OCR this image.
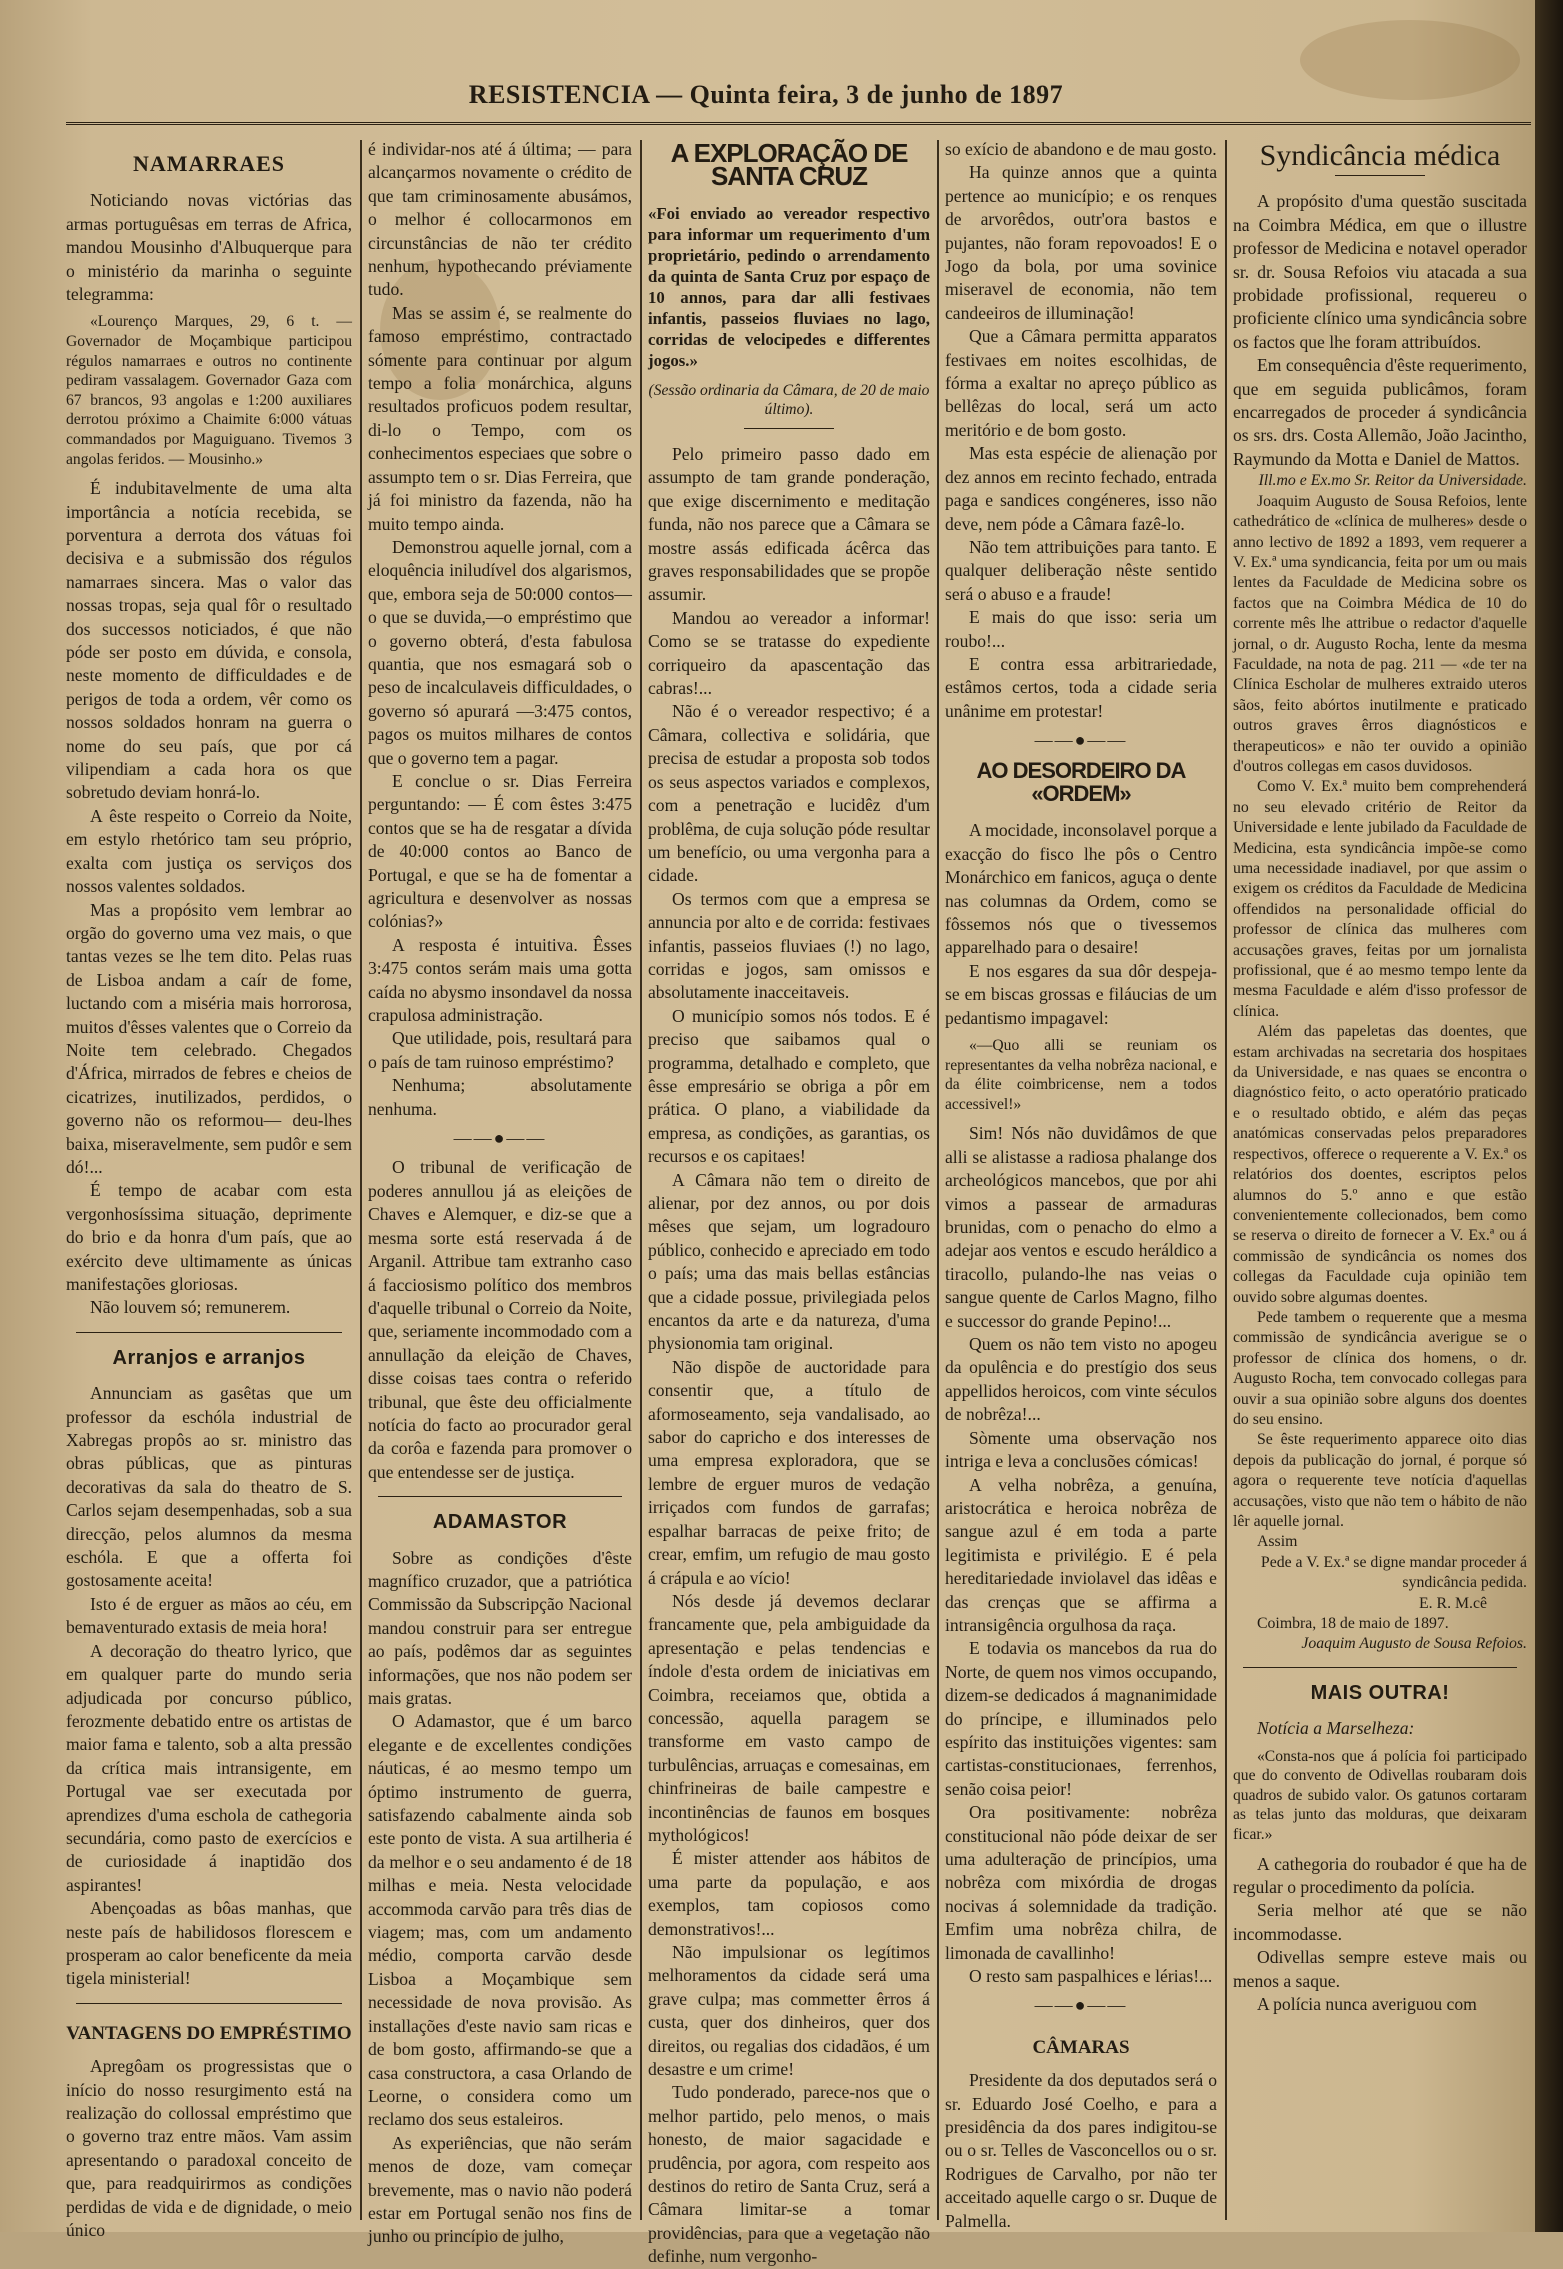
RESISTENCIA — Quinta feira, 3 de junho de 1897
NAMARRAES

Noticiando novas victórias das armas portuguêsas em terras de Africa, mandou Mousinho d'Albuquerque para o ministério da marinha o seguinte telegramma:

«Lourenço Marques, 29, 6 t. — Governador de Moçambique participou régulos namarraes e outros no continente pediram vassalagem. Governador Gaza com 67 brancos, 93 angolas e 1:200 auxiliares derrotou próximo a Chaimite 6:000 vátuas commandados por Maguiguano. Tivemos 3 angolas feridos. — Mousinho.»

É indubitavelmente de uma alta importância a notícia recebida, se porventura a derrota dos vátuas foi decisiva e a submissão dos régulos namarraes sincera. Mas o valor das nossas tropas, seja qual fôr o resultado dos successos noticiados, é que não póde ser posto em dúvida, e consola, neste momento de difficuldades e de perigos de toda a ordem, vêr como os nossos soldados honram na guerra o nome do seu país, que por cá vilipendiam a cada hora os que sobretudo deviam honrá-lo.

A êste respeito o Correio da Noite, em estylo rhetórico tam seu próprio, exalta com justiça os serviços dos nossos valentes soldados.

Mas a propósito vem lembrar ao orgão do governo uma vez mais, o que tantas vezes se lhe tem dito. Pelas ruas de Lisboa andam a caír de fome, luctando com a miséria mais horrorosa, muitos d'êsses valentes que o Correio da Noite tem celebrado. Chegados d'África, mirrados de febres e cheios de cicatrizes, inutilizados, perdidos, o governo não os reformou— deu-lhes baixa, miseravelmente, sem pudôr e sem dó!...

É tempo de acabar com esta vergonhosíssima situação, deprimente do brio e da honra d'um país, que ao exército deve ultimamente as únicas manifestações gloriosas.

Não louvem só; remunerem.

Arranjos e arranjos

Annunciam as gasêtas que um professor da eschóla industrial de Xabregas propôs ao sr. ministro das obras públicas, que as pinturas decorativas da sala do theatro de S. Carlos sejam desempenhadas, sob a sua direcção, pelos alumnos da mesma eschóla. E que a offerta foi gostosamente aceita!

Isto é de erguer as mãos ao céu, em bemaventurado extasis de meia hora!

A decoração do theatro lyrico, que em qualquer parte do mundo seria adjudicada por concurso público, ferozmente debatido entre os artistas de maior fama e talento, sob a alta pressão da crítica mais intransigente, em Portugal vae ser executada por aprendizes d'uma eschola de cathegoria secundária, como pasto de exercícios e de curiosidade á inaptidão dos aspirantes!

Abençoadas as bôas manhas, que neste país de habilidosos florescem e prosperam ao calor beneficente da meia tigela ministerial!

VANTAGENS DO EMPRÉSTIMO

Apregôam os progressistas que o início do nosso resurgimento está na realização do collossal empréstimo que o governo traz entre mãos. Vam assim apresentando o paradoxal conceito de que, para readquirirmos as condições perdidas de vida e de dignidade, o meio único

é individar-nos até á última; — para alcançarmos novamente o crédito de que tam criminosamente abusámos, o melhor é collocarmonos em circunstâncias de não ter crédito nenhum, hypothecando préviamente tudo.

Mas se assim é, se realmente do famoso empréstimo, contractado sómente para continuar por algum tempo a folia monárchica, alguns resultados proficuos podem resultar, di-lo o Tempo, com os conhecimentos especiaes que sobre o assumpto tem o sr. Dias Ferreira, que já foi ministro da fazenda, não ha muito tempo ainda.

Demonstrou aquelle jornal, com a eloquência iniludível dos algarismos, que, embora seja de 50:000 contos—o que se duvida,—o empréstimo que o governo obterá, d'esta fabulosa quantia, que nos esmagará sob o peso de incalculaveis difficuldades, o governo só apurará —3:475 contos, pagos os muitos milhares de contos que o governo tem a pagar.

E conclue o sr. Dias Ferreira perguntando: — É com êstes 3:475 contos que se ha de resgatar a dívida de 40:000 contos ao Banco de Portugal, e que se ha de fomentar a agricultura e desenvolver as nossas colónias?»

A resposta é intuitiva. Êsses 3:475 contos serám mais uma gotta caída no abysmo insondavel da nossa crapulosa administração.

Que utilidade, pois, resultará para o país de tam ruinoso empréstimo?

Nenhuma; absolutamente nenhuma.

——●——

O tribunal de verificação de poderes annullou já as eleições de Chaves e Alemquer, e diz-se que a mesma sorte está reservada á de Arganil. Attribue tam extranho caso á facciosismo político dos membros d'aquelle tribunal o Correio da Noite, que, seriamente incommodado com a annullação da eleição de Chaves, disse coisas taes contra o referido tribunal, que êste deu officialmente notícia do facto ao procurador geral da corôa e fazenda para promover o que entendesse ser de justiça.

ADAMASTOR

Sobre as condições d'êste magnífico cruzador, que a patriótica Commissão da Subscripção Nacional mandou construir para ser entregue ao país, podêmos dar as seguintes informações, que nos não podem ser mais gratas.

O Adamastor, que é um barco elegante e de excellentes condições náuticas, é ao mesmo tempo um óptimo instrumento de guerra, satisfazendo cabalmente ainda sob este ponto de vista. A sua artilheria é da melhor e o seu andamento é de 18 milhas e meia. Nesta velocidade accommoda carvão para três dias de viagem; mas, com um andamento médio, comporta carvão desde Lisboa a Moçambique sem necessidade de nova provisão. As installações d'este navio sam ricas e de bom gosto, affirmando-se que a casa constructora, a casa Orlando de Leorne, o considera como um reclamo dos seus estaleiros.

As experiências, que não serám menos de doze, vam começar brevemente, mas o navio não poderá estar em Portugal senão nos fins de junho ou princípio de julho,

A EXPLORAÇÃO DE SANTA CRUZ

«Foi enviado ao vereador respectivo para informar um requerimento d'um proprietário, pedindo o arrendamento da quinta de Santa Cruz por espaço de 10 annos, para dar alli festivaes infantis, passeios fluviaes no lago, corridas de velocipedes e differentes jogos.»

(Sessão ordinaria da Câmara, de 20 de maio último).

Pelo primeiro passo dado em assumpto de tam grande ponderação, que exige discernimento e meditação funda, não nos parece que a Câmara se mostre assás edificada ácêrca das graves responsabilidades que se propõe assumir.

Mandou ao vereador a informar! Como se se tratasse do expediente corriqueiro da apascentação das cabras!...

Não é o vereador respectivo; é a Câmara, collectiva e solidária, que precisa de estudar a proposta sob todos os seus aspectos variados e complexos, com a penetração e lucidêz d'um problêma, de cuja solução póde resultar um benefício, ou uma vergonha para a cidade.

Os termos com que a empresa se annuncia por alto e de corrida: festivaes infantis, passeios fluviaes (!) no lago, corridas e jogos, sam omissos e absolutamente inacceitaveis.

O município somos nós todos. E é preciso que saibamos qual o programma, detalhado e completo, que êsse empresário se obriga a pôr em prática. O plano, a viabilidade da empresa, as condições, as garantias, os recursos e os capitaes!

A Câmara não tem o direito de alienar, por dez annos, ou por dois mêses que sejam, um logradouro público, conhecido e apreciado em todo o país; uma das mais bellas estâncias que a cidade possue, privilegiada pelos encantos da arte e da natureza, d'uma physionomia tam original.

Não dispõe de auctoridade para consentir que, a título de aformoseamento, seja vandalisado, ao sabor do capricho e dos interesses de uma empresa exploradora, que se lembre de erguer muros de vedação irriçados com fundos de garrafas; espalhar barracas de peixe frito; de crear, emfim, um refugio de mau gosto á crápula e ao vício!

Nós desde já devemos declarar francamente que, pela ambiguidade da apresentação e pelas tendencias e índole d'esta ordem de iniciativas em Coimbra, receiamos que, obtida a concessão, aquella paragem se transforme em vasto campo de turbulências, arruaças e comesainas, em chinfrineiras de baile campestre e incontinências de faunos em bosques mythológicos!

É mister attender aos hábitos de uma parte da população, e aos exemplos, tam copiosos como demonstrativos!...

Não impulsionar os legítimos melhoramentos da cidade será uma grave culpa; mas commetter êrros á custa, quer dos dinheiros, quer dos direitos, ou regalias dos cidadãos, é um desastre e um crime!

Tudo ponderado, parece-nos que o melhor partido, pelo menos, o mais honesto, de maior sagacidade e prudência, por agora, com respeito aos destinos do retiro de Santa Cruz, será a Câmara limitar-se a tomar providências, para que a vegetação não definhe, num vergonho-

so exício de abandono e de mau gosto.

Ha quinze annos que a quinta pertence ao município; e os renques de arvorêdos, outr'ora bastos e pujantes, não foram repovoados! E o Jogo da bola, por uma sovinice miseravel de economia, não tem candeeiros de illuminação!

Que a Câmara permitta apparatos festivaes em noites escolhidas, de fórma a exaltar no apreço público as bellêzas do local, será um acto meritório e de bom gosto.

Mas esta espécie de alienação por dez annos em recinto fechado, entrada paga e sandices congéneres, isso não deve, nem póde a Câmara fazê-lo.

Não tem attribuições para tanto. E qualquer deliberação nêste sentido será o abuso e a fraude!

E mais do que isso: seria um roubo!...

E contra essa arbitrariedade, estâmos certos, toda a cidade seria unânime em protestar!

——●——
AO DESORDEIRO DA «ORDEM»

A mocidade, inconsolavel porque a exacção do fisco lhe pôs o Centro Monárchico em fanicos, aguça o dente nas columnas da Ordem, como se fôssemos nós que o tivessemos apparelhado para o desaire!

E nos esgares da sua dôr despeja-se em biscas grossas e filáucias de um pedantismo impagavel:

«—Quo alli se reuniam os representantes da velha nobrêza nacional, e da élite coimbricense, nem a todos accessivel!»

Sim! Nós não duvidâmos de que alli se alistasse a radiosa phalange dos archeológicos mancebos, que por ahi vimos a passear de armaduras brunidas, com o penacho do elmo a adejar aos ventos e escudo heráldico a tiracollo, pulando-lhe nas veias o sangue quente de Carlos Magno, filho e successor do grande Pepino!...

Quem os não tem visto no apogeu da opulência e do prestígio dos seus appellidos heroicos, com vinte séculos de nobrêza!...

Sòmente uma observação nos intriga e leva a conclusões cómicas!

A velha nobrêza, a genuína, aristocrática e heroica nobrêza de sangue azul é em toda a parte legitimista e privilégio. E é pela hereditariedade inviolavel das idêas e das crenças que se affirma a intransigência orgulhosa da raça.

E todavia os mancebos da rua do Norte, de quem nos vimos occupando, dizem-se dedicados á magnanimidade do príncipe, e illuminados pelo espírito das instituições vigentes: sam cartistas-constitucionaes, ferrenhos, senão coisa peior!

Ora positivamente: nobrêza constitucional não póde deixar de ser uma adulteração de princípios, uma nobrêza com mixórdia de drogas nocivas á solemnidade da tradição. Emfim uma nobrêza chilra, de limonada de cavallinho!

O resto sam paspalhices e lérias!...

——●——
CÂMARAS

Presidente da dos deputados será o sr. Eduardo José Coelho, e para a presidência da dos pares indigitou-se ou o sr. Telles de Vasconcellos ou o sr. Rodrigues de Carvalho, por não ter acceitado aquelle cargo o sr. Duque de Palmella.

Syndicância médica

A propósito d'uma questão suscitada na Coimbra Médica, em que o illustre professor de Medicina e notavel operador sr. dr. Sousa Refoios viu atacada a sua probidade profissional, requereu o proficiente clínico uma syndicância sobre os factos que lhe foram attribuídos.

Em consequência d'êste requerimento, que em seguida publicâmos, foram encarregados de proceder á syndicância os srs. drs. Costa Allemão, João Jacintho, Raymundo da Motta e Daniel de Mattos.

Ill.mo e Ex.mo Sr. Reitor da Universidade.

Joaquim Augusto de Sousa Refoios, lente cathedrático de «clínica de mulheres» desde o anno lectivo de 1892 a 1893, vem requerer a V. Ex.ª uma syndicancia, feita por um ou mais lentes da Faculdade de Medicina sobre os factos que na Coimbra Médica de 10 do corrente mês lhe attribue o redactor d'aquelle jornal, o dr. Augusto Rocha, lente da mesma Faculdade, na nota de pag. 211 — «de ter na Clínica Escholar de mulheres extraido uteros sãos, feito abórtos inutilmente e praticado outros graves êrros diagnósticos e therapeuticos» e não ter ouvido a opinião d'outros collegas em casos duvidosos.

Como V. Ex.ª muito bem comprehenderá no seu elevado critério de Reitor da Universidade e lente jubilado da Faculdade de Medicina, esta syndicância impõe-se como uma necessidade inadiavel, por que assim o exigem os créditos da Faculdade de Medicina offendidos na personalidade official do professor de clínica das mulheres com accusações graves, feitas por um jornalista profissional, que é ao mesmo tempo lente da mesma Faculdade e além d'isso professor de clínica.

Além das papeletas das doentes, que estam archivadas na secretaria dos hospitaes da Universidade, e nas quaes se encontra o diagnóstico feito, o acto operatório praticado e o resultado obtido, e além das peças anatómicas conservadas pelos preparadores respectivos, offerece o requerente a V. Ex.ª os relatórios dos doentes, escriptos pelos alumnos do 5.º anno e que estão convenientemente collecionados, bem como se reserva o direito de fornecer a V. Ex.ª ou á commissão de syndicância os nomes dos collegas da Faculdade cuja opinião tem ouvido sobre algumas doentes.

Pede tambem o requerente que a mesma commissão de syndicância averigue se o professor de clínica dos homens, o dr. Augusto Rocha, tem convocado collegas para ouvir a sua opinião sobre alguns dos doentes do seu ensino.

Se êste requerimento apparece oito dias depois da publicação do jornal, é porque só agora o requerente teve notícia d'aquellas accusações, visto que não tem o hábito de não lêr aquelle jornal.

Assim

Pede a V. Ex.ª se digne mandar proceder á syndicância pedida.

E. R. M.cê

Coimbra, 18 de maio de 1897.

Joaquim Augusto de Sousa Refoios.

MAIS OUTRA!

Notícia a Marselheza:

«Consta-nos que á polícia foi participado que do convento de Odivellas roubaram dois quadros de subido valor. Os gatunos cortaram as telas junto das molduras, que deixaram ficar.»

A cathegoria do roubador é que ha de regular o procedimento da polícia.

Seria melhor até que se não incommodasse.

Odivellas sempre esteve mais ou menos a saque.

A polícia nunca averiguou com
